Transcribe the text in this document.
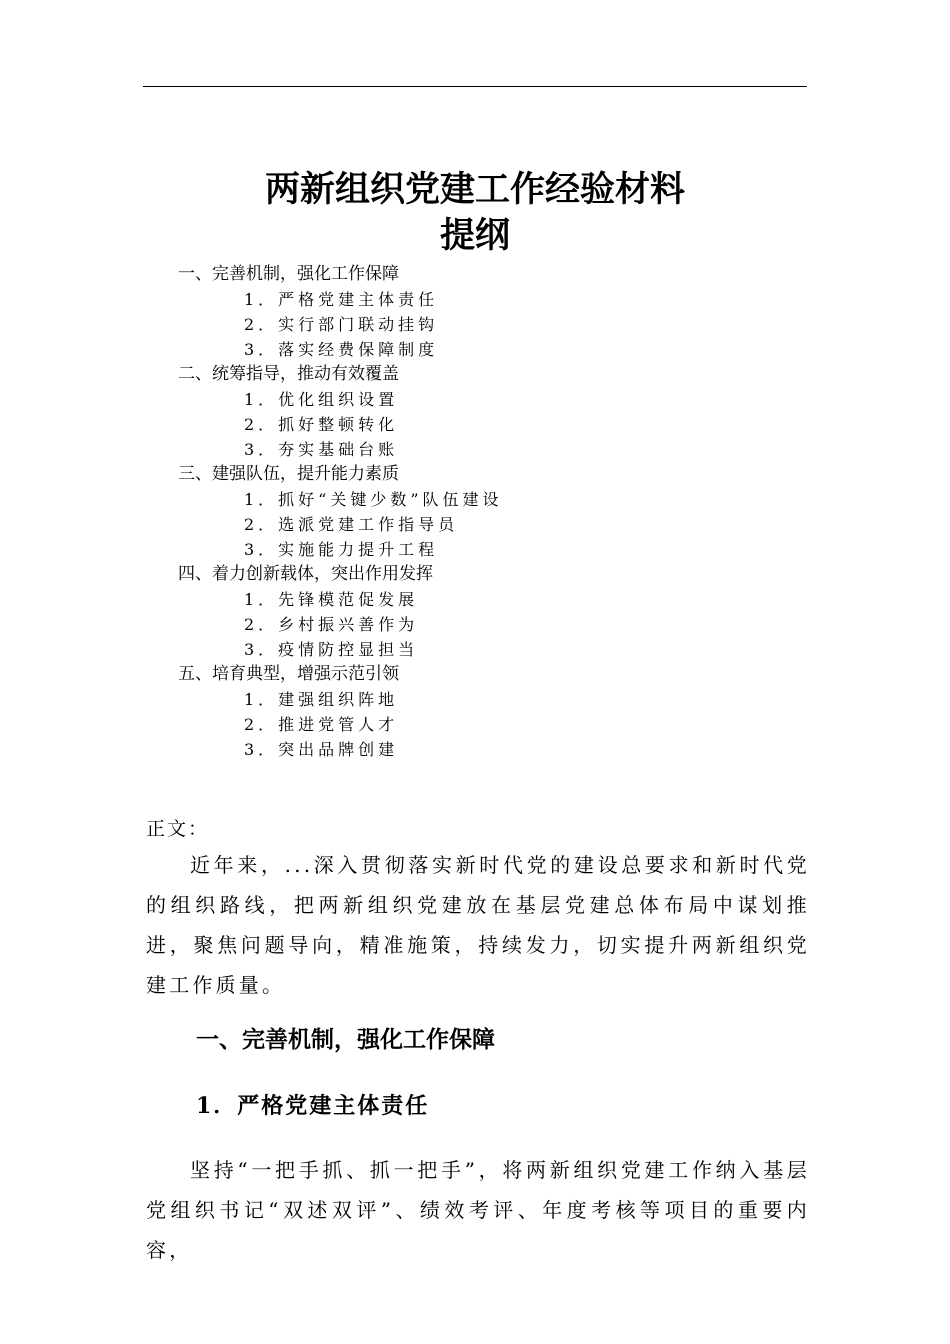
两新组织党建工作经验材料
提纲
一、完善机制，强化工作保障
1．严格党建主体责任
2．实行部门联动挂钩
3．落实经费保障制度
二、统筹指导，推动有效覆盖
1．优化组织设置
2．抓好整顿转化
3．夯实基础台账
三、建强队伍，提升能力素质
1．抓好“关键少数”队伍建设
2．选派党建工作指导员
3．实施能力提升工程
四、着力创新载体，突出作用发挥
1．先锋模范促发展
2．乡村振兴善作为
3．疫情防控显担当
五、培育典型，增强示范引领
1．建强组织阵地
2．推进党管人才
3．突出品牌创建
正文：

近年来，...深入贯彻落实新时代党的建设总要求和新时代党的组织路线，把两新组织党建放在基层党建总体布局中谋划推进，聚焦问题导向，精准施策，持续发力，切实提升两新组织党建工作质量。

一、完善机制，强化工作保障
1．严格党建主体责任

坚持“一把手抓、抓一把手”，将两新组织党建工作纳入基层党组织书记“双述双评”、绩效考评、年度考核等项目的重要内容，
